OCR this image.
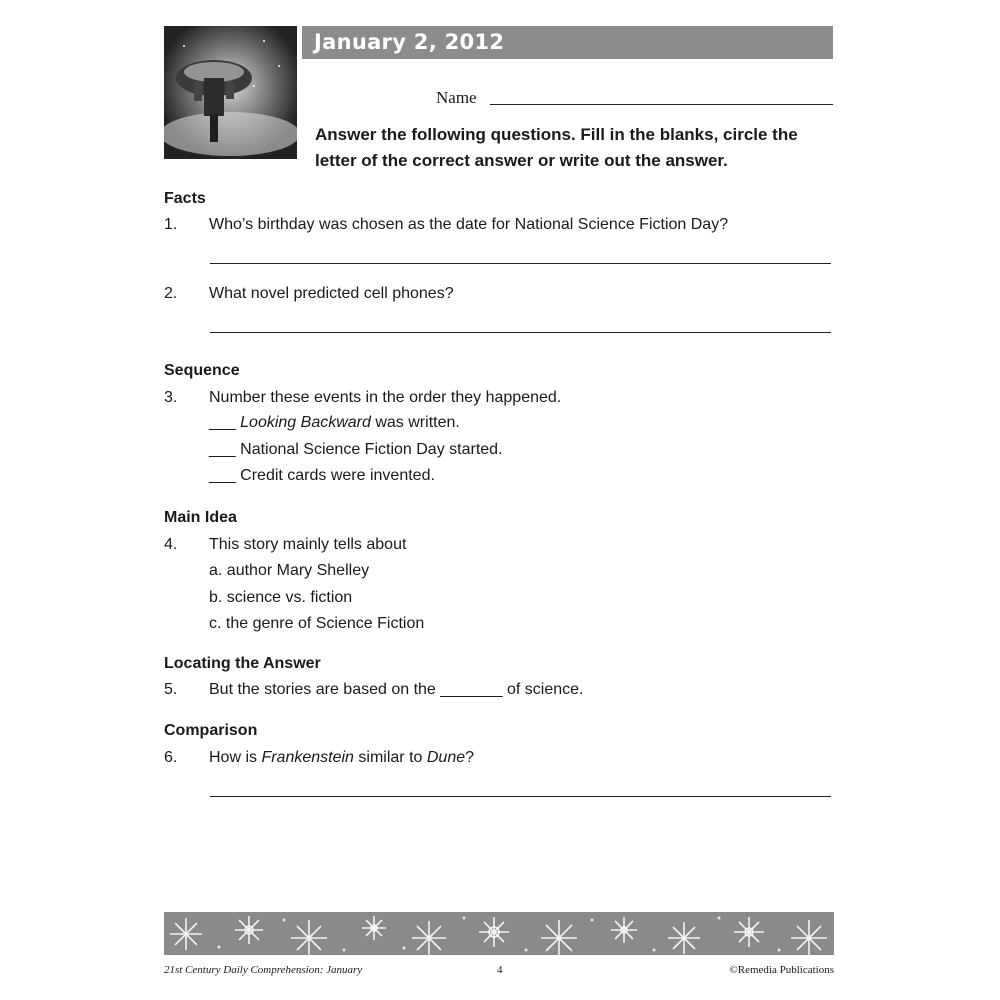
January 2, 2012
Name
Answer the following questions. Fill in the blanks, circle the letter of the correct answer or write out the answer.
Facts
1. Who’s birthday was chosen as the date for National Science Fiction Day?
2. What novel predicted cell phones?
Sequence
3. Number these events in the order they happened.
___ Looking Backward was written.
___ National Science Fiction Day started.
___ Credit cards were invented.
Main Idea
4. This story mainly tells about
a. author Mary Shelley
b. science vs. fiction
c. the genre of Science Fiction
Locating the Answer
5. But the stories are based on the _______ of science.
Comparison
6. How is Frankenstein similar to Dune?
21st Century Daily Comprehension: January	4	©Remedia Publications
